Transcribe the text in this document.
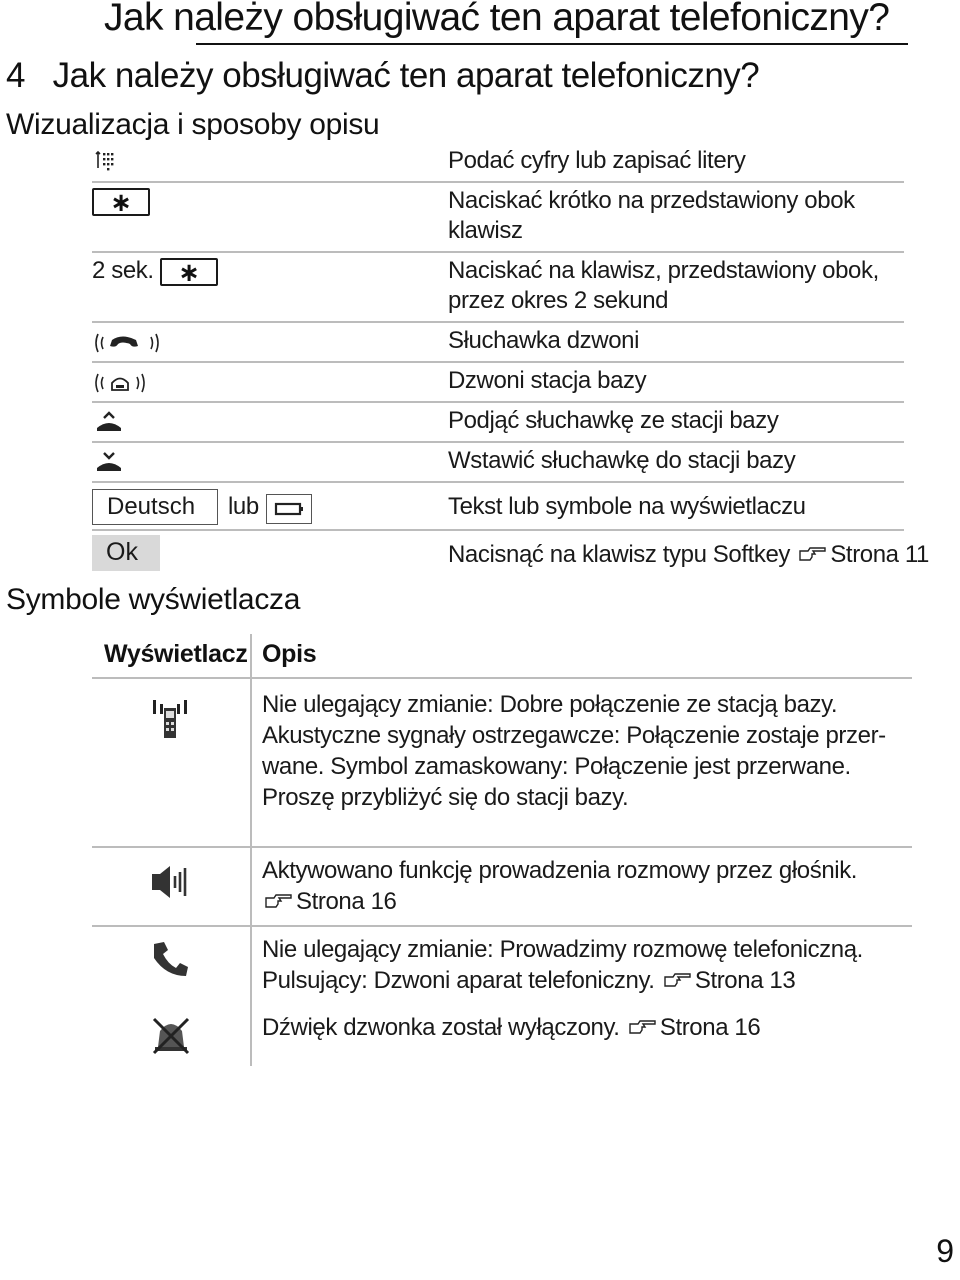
Jak należy obsługiwać ten aparat telefoniczny?
4 Jak należy obsługiwać ten aparat telefoniczny?
Wizualizacja i sposoby opisu
Podać cyfry lub zapisać litery
∗	Naciskać krótko na przedstawiony obok klawisz
2 sek. ∗	Naciskać na klawisz, przedstawiony obok, przez okres 2 sekund
Słuchawka dzwoni
Dzwoni stacja bazy
Podjąć słuchawkę ze stacji bazy
Wstawić słuchawkę do stacji bazy
Deutsch	lub	Tekst lub symbole na wyświetlaczu
Ok	Nacisnąć na klawisz typu Softkey Strona 11
Symbole wyświetlacza
Wyświetlacz Opis
Nie ulegający zmianie: Dobre połączenie ze stacją bazy. Akustyczne sygnały ostrzegawcze: Połączenie zostaje przer- wane. Symbol zamaskowany: Połączenie jest przerwane. Proszę przybliżyć się do stacji bazy.
Aktywowano funkcję prowadzenia rozmowy przez głośnik.
Strona 16
Nie ulegający zmianie: Prowadzimy rozmowę telefoniczną. Pulsujący: Dzwoni aparat telefoniczny. Strona 13
Dźwięk dzwonka został wyłączony. Strona 16
9
